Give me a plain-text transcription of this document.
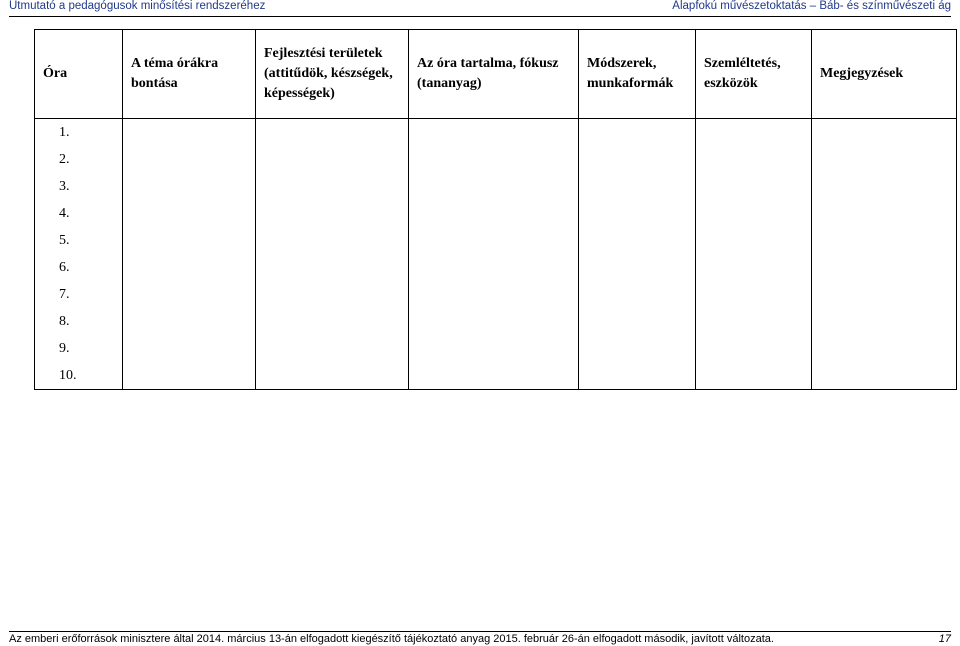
Útmutató a pedagógusok minősítési rendszeréhez	Alapfokú művészetoktatás – Báb- és színművészeti ág
Óra	A téma órákra bontása	Fejlesztési területek (attitűdök, készségek, képességek)	Az óra tartalma, fókusz (tananyag)	Módszerek, munkaformák	Szemléltetés, eszközök	Megjegyzések

1.						
2.						
3.						
4.						
5.						
6.						
7.						
8.						
9.						
10.						
Az emberi erőforrások minisztere által 2014. március 13-án elfogadott kiegészítő tájékoztató anyag 2015. február 26-án elfogadott második, javított változata.	17
